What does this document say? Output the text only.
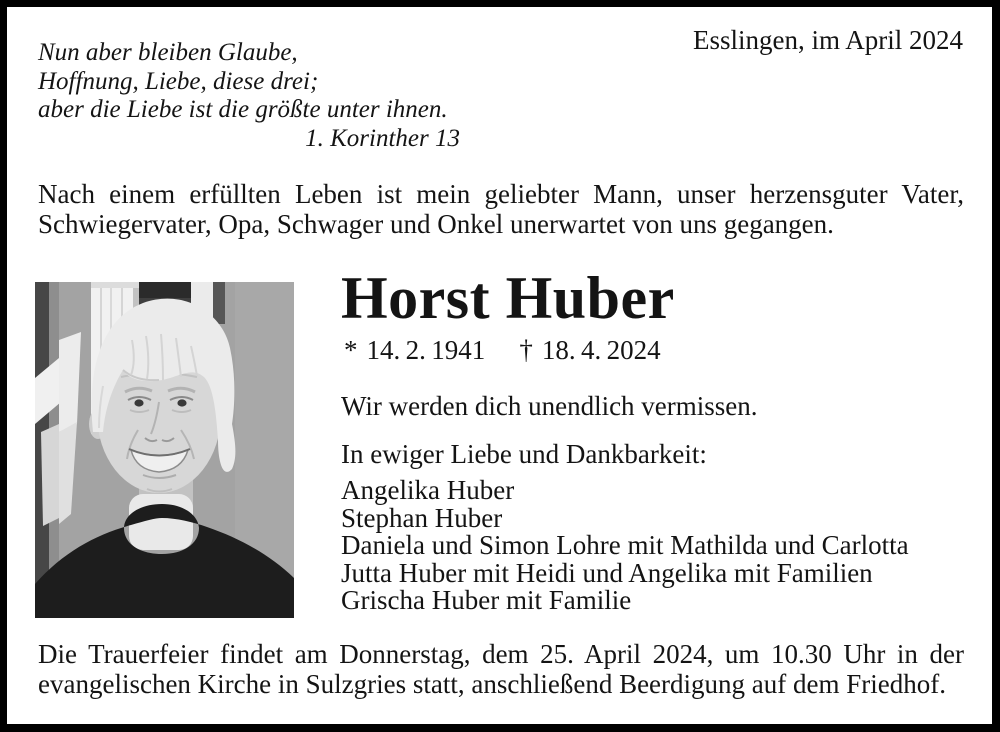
Nun aber bleiben Glaube,
Hoffnung, Liebe, diese drei;
aber die Liebe ist die größte unter ihnen.
1. Korinther 13
Esslingen, im April 2024
Nach einem erfüllten Leben ist mein geliebter Mann, unser herzensguter Vater, Schwiegervater, Opa, Schwager und Onkel unerwartet von uns gegangen.
Horst Huber
* 14. 2. 1941 † 18. 4. 2024
Wir werden dich unendlich vermissen.
In ewiger Liebe und Dankbarkeit:
Angelika Huber
Stephan Huber
Daniela und Simon Lohre mit Mathilda und Carlotta
Jutta Huber mit Heidi und Angelika mit Familien
Grischa Huber mit Familie
Die Trauerfeier findet am Donnerstag, dem 25. April 2024, um 10.30 Uhr in der evangelischen Kirche in Sulzgries statt, anschließend Beerdigung auf dem Friedhof.
